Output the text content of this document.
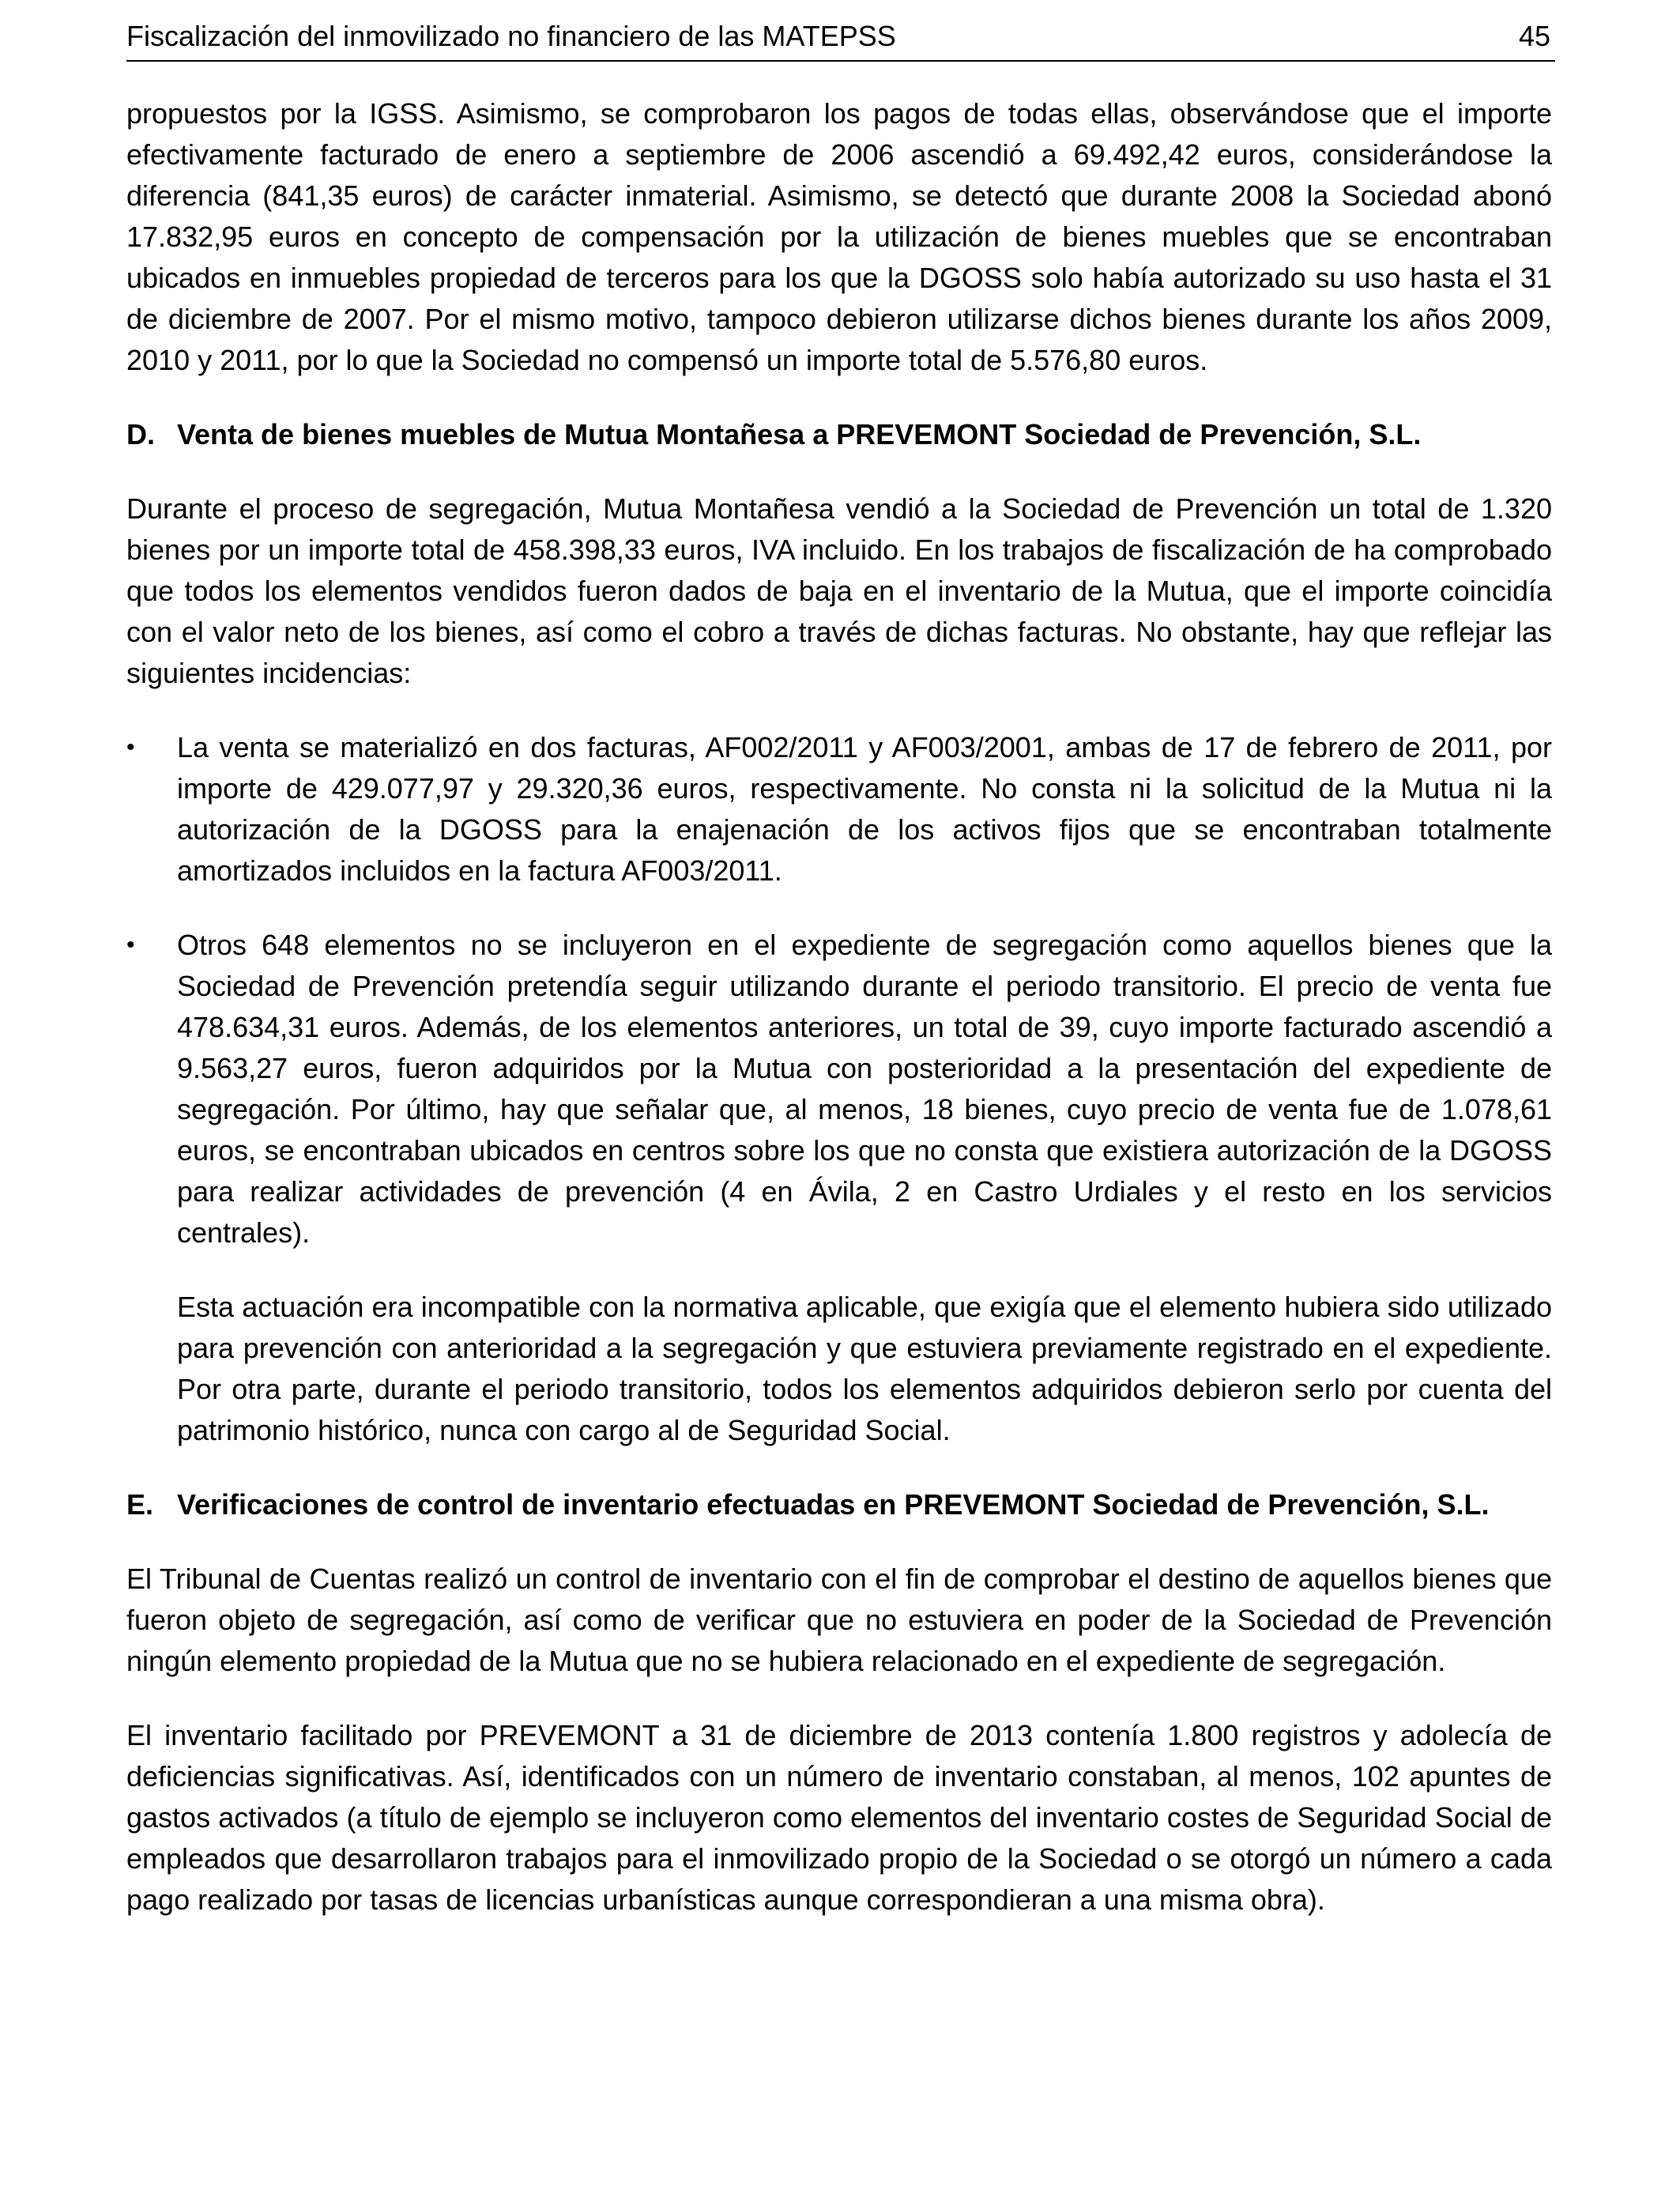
Fiscalización del inmovilizado no financiero de las MATEPSS	45

propuestos por la IGSS. Asimismo, se comprobaron los pagos de todas ellas, observándose que el importe efectivamente facturado de enero a septiembre de 2006 ascendió a 69.492,42 euros, considerándose la diferencia (841,35 euros) de carácter inmaterial. Asimismo, se detectó que durante 2008 la Sociedad abonó 17.832,95 euros en concepto de compensación por la utilización de bienes muebles que se encontraban ubicados en inmuebles propiedad de terceros para los que la DGOSS solo había autorizado su uso hasta el 31 de diciembre de 2007. Por el mismo motivo, tampoco debieron utilizarse dichos bienes durante los años 2009, 2010 y 2011, por lo que la Sociedad no compensó un importe total de 5.576,80 euros.

D. Venta de bienes muebles de Mutua Montañesa a PREVEMONT Sociedad de Prevención, S.L.

Durante el proceso de segregación, Mutua Montañesa vendió a la Sociedad de Prevención un total de 1.320 bienes por un importe total de 458.398,33 euros, IVA incluido. En los trabajos de fiscalización de ha comprobado que todos los elementos vendidos fueron dados de baja en el inventario de la Mutua, que el importe coincidía con el valor neto de los bienes, así como el cobro a través de dichas facturas. No obstante, hay que reflejar las siguientes incidencias:

•	La venta se materializó en dos facturas, AF002/2011 y AF003/2001, ambas de 17 de febrero de 2011, por importe de 429.077,97 y 29.320,36 euros, respectivamente. No consta ni la solicitud de la Mutua ni la autorización de la DGOSS para la enajenación de los activos fijos que se encontraban totalmente amortizados incluidos en la factura AF003/2011.

•	Otros 648 elementos no se incluyeron en el expediente de segregación como aquellos bienes que la Sociedad de Prevención pretendía seguir utilizando durante el periodo transitorio. El precio de venta fue 478.634,31 euros. Además, de los elementos anteriores, un total de 39, cuyo importe facturado ascendió a 9.563,27 euros, fueron adquiridos por la Mutua con posterioridad a la presentación del expediente de segregación. Por último, hay que señalar que, al menos, 18 bienes, cuyo precio de venta fue de 1.078,61 euros, se encontraban ubicados en centros sobre los que no consta que existiera autorización de la DGOSS para realizar actividades de prevención (4 en Ávila, 2 en Castro Urdiales y el resto en los servicios centrales).

Esta actuación era incompatible con la normativa aplicable, que exigía que el elemento hubiera sido utilizado para prevención con anterioridad a la segregación y que estuviera previamente registrado en el expediente. Por otra parte, durante el periodo transitorio, todos los elementos adquiridos debieron serlo por cuenta del patrimonio histórico, nunca con cargo al de Seguridad Social.

E. Verificaciones de control de inventario efectuadas en PREVEMONT Sociedad de Prevención, S.L.

El Tribunal de Cuentas realizó un control de inventario con el fin de comprobar el destino de aquellos bienes que fueron objeto de segregación, así como de verificar que no estuviera en poder de la Sociedad de Prevención ningún elemento propiedad de la Mutua que no se hubiera relacionado en el expediente de segregación.

El inventario facilitado por PREVEMONT a 31 de diciembre de 2013 contenía 1.800 registros y adolecía de deficiencias significativas. Así, identificados con un número de inventario constaban, al menos, 102 apuntes de gastos activados (a título de ejemplo se incluyeron como elementos del inventario costes de Seguridad Social de empleados que desarrollaron trabajos para el inmovilizado propio de la Sociedad o se otorgó un número a cada pago realizado por tasas de licencias urbanísticas aunque correspondieran a una misma obra).
